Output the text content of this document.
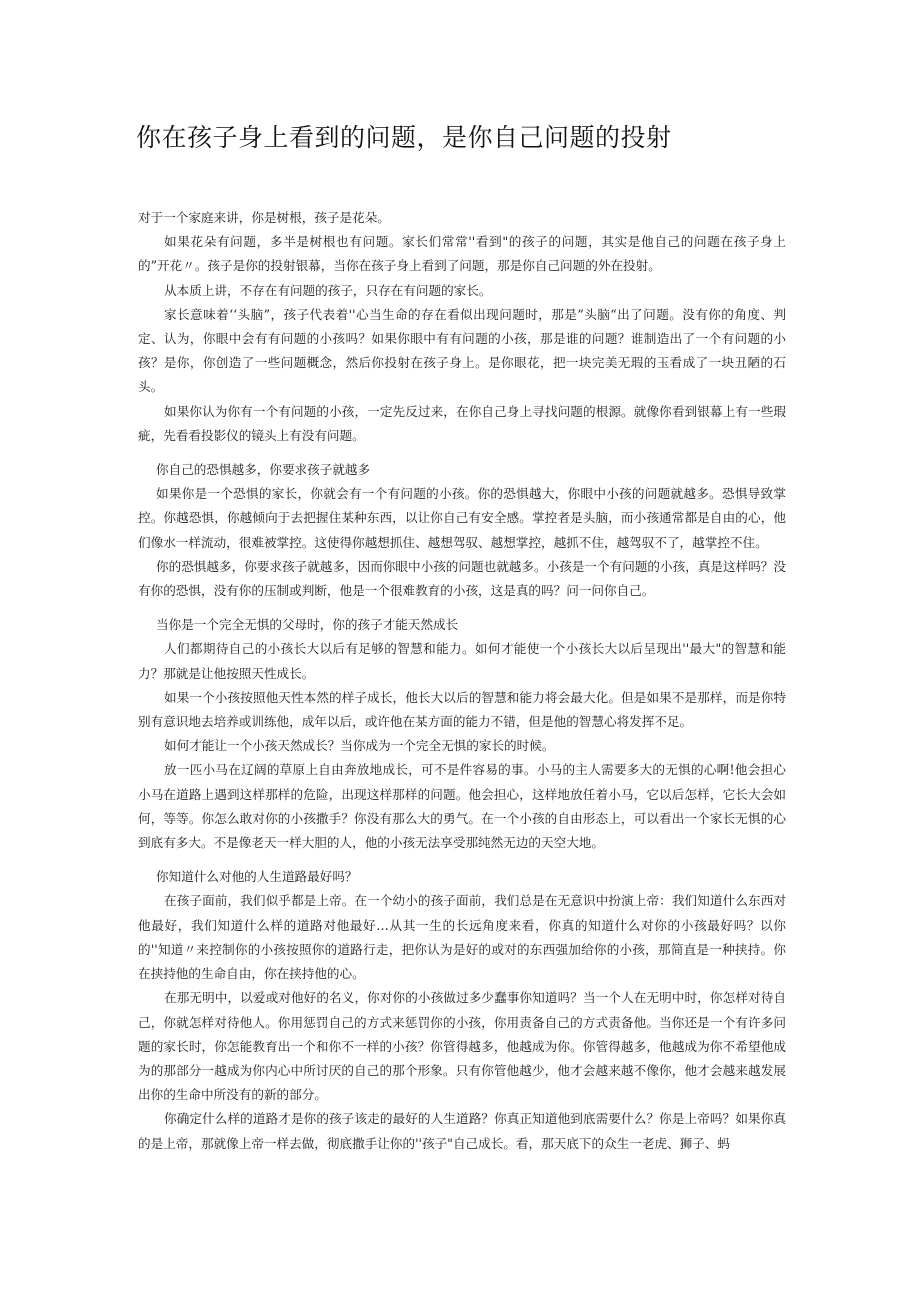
你在孩子身上看到的问题，是你自己问题的投射

对于一个家庭来讲，你是树根，孩子是花朵。

如果花朵有问题，多半是树根也有问题。家长们常常''看到"的孩子的问题，其实是他自己的问题在孩子身上的”开花〃。孩子是你的投射银幕，当你在孩子身上看到了问题，那是你自己问题的外在投射。

从本质上讲，不存在有问题的孩子，只存在有问题的家长。

家长意味着‘‘头脑”，孩子代表着''心当生命的存在看似出现问题时，那是”头脑“出了问题。没有你的角度、判定、认为，你眼中会有有问题的小孩吗？如果你眼中有有问题的小孩，那是谁的问题？谁制造出了一个有问题的小孩？是你，你创造了一些问题概念，然后你投射在孩子身上。是你眼花，把一块完美无瑕的玉看成了一块丑陋的石头。

如果你认为你有一个有问题的小孩，一定先反过来，在你自己身上寻找问题的根源。就像你看到银幕上有一些瑕疵，先看看投影仪的镜头上有没有问题。

你自己的恐惧越多，你要求孩子就越多

如果你是一个恐惧的家长，你就会有一个有问题的小孩。你的恐惧越大，你眼中小孩的问题就越多。恐惧导致掌控。你越恐惧，你越倾向于去把握住某种东西，以让你自己有安全感。掌控者是头脑，而小孩通常都是自由的心，他们像水一样流动，很难被掌控。这使得你越想抓住、越想驾驭、越想掌控，越抓不住，越驾驭不了，越掌控不住。

你的恐惧越多，你要求孩子就越多，因而你眼中小孩的问题也就越多。小孩是一个有问题的小孩，真是这样吗？没有你的恐惧，没有你的压制或判断，他是一个很难教育的小孩，这是真的吗？问一问你自己。

当你是一个完全无惧的父母时，你的孩子才能天然成长

人们都期待自己的小孩长大以后有足够的智慧和能力。如何才能使一个小孩长大以后呈现出''最大"的智慧和能力？那就是让他按照天性成长。

如果一个小孩按照他天性本然的样子成长，他长大以后的智慧和能力将会最大化。但是如果不是那样，而是你特别有意识地去培养或训练他，成年以后，或许他在某方面的能力不错，但是他的智慧心将发挥不足。

如何才能让一个小孩天然成长？当你成为一个完全无惧的家长的时候。

放一匹小马在辽阔的草原上自由奔放地成长，可不是件容易的事。小马的主人需要多大的无惧的心啊!他会担心小马在道路上遇到这样那样的危险，出现这样那样的问题。他会担心，这样地放任着小马，它以后怎样，它长大会如何，等等。你怎么敢对你的小孩撒手？你没有那么大的勇气。在一个小孩的自由形态上，可以看出一个家长无惧的心到底有多大。不是像老天一样大胆的人，他的小孩无法享受那纯然无边的天空大地。

你知道什么对他的人生道路最好吗？

在孩子面前，我们似乎都是上帝。在一个幼小的孩子面前，我们总是在无意识中扮演上帝：我们知道什么东西对他最好，我们知道什么样的道路对他最好…从其一生的长远角度来看，你真的知道什么对你的小孩最好吗？以你的''知道〃来控制你的小孩按照你的道路行走，把你认为是好的或对的东西强加给你的小孩，那简直是一种挟持。你在挟持他的生命自由，你在挟持他的心。

在那无明中，以爱或对他好的名义，你对你的小孩做过多少蠢事你知道吗？当一个人在无明中时，你怎样对待自己，你就怎样对待他人。你用惩罚自己的方式来惩罚你的小孩，你用责备自己的方式责备他。当你还是一个有许多问题的家长时，你怎能教育出一个和你不一样的小孩？你管得越多，他越成为你。你管得越多，他越成为你不希望他成为的那部分一越成为你内心中所讨厌的自己的那个形象。只有你管他越少，他才会越来越不像你，他才会越来越发展出你的生命中所没有的新的部分。

你确定什么样的道路才是你的孩子该走的最好的人生道路？你真正知道他到底需要什么？你是上帝吗？如果你真的是上帝，那就像上帝一样去做，彻底撒手让你的''孩子"自己成长。看，那天底下的众生一老虎、狮子、蚂
